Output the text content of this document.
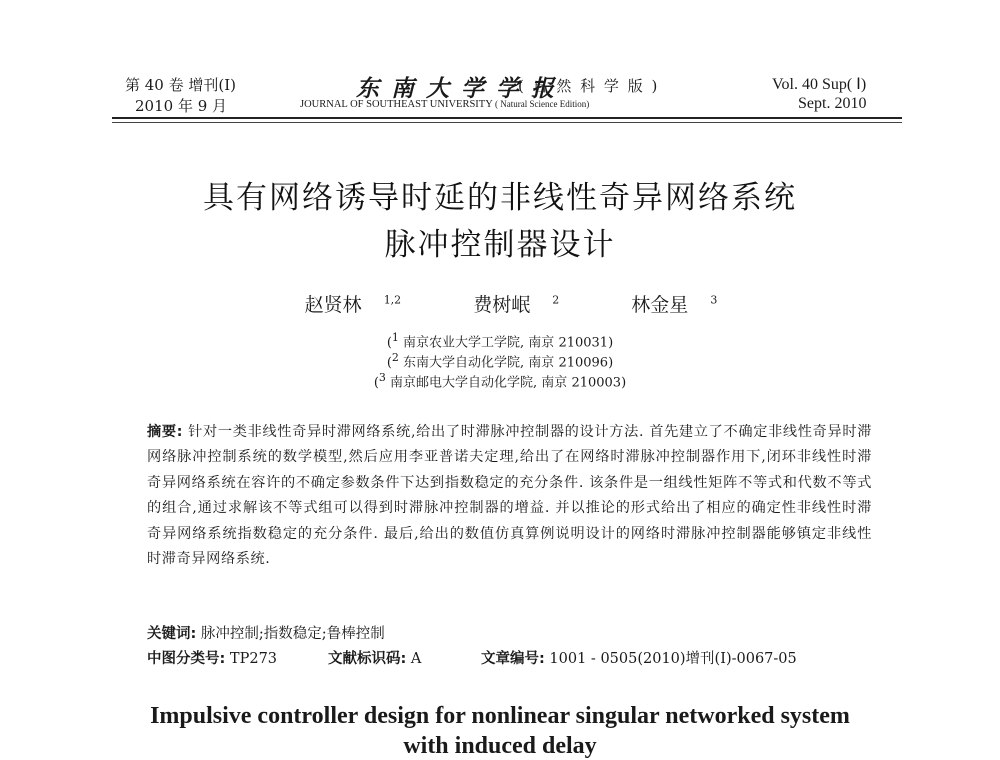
第 40 卷 增刊(Ⅰ)
2010 年 9 月
东 南 大 学 学 报
( 自 然 科 学 版 )
JOURNAL OF SOUTHEAST UNIVERSITY ( Natural Science Edition)
Vol. 40 Sup( Ⅰ)
Sept. 2010
具有网络诱导时延的非线性奇异网络系统
脉冲控制器设计
赵贤林 $^{1,2}$	费树岷 $^2$	林金星 $^3$
($^1$ 南京农业大学工学院, 南京 210031)
($^2$ 东南大学自动化学院, 南京 210096)
($^3$ 南京邮电大学自动化学院, 南京 210003)
摘要: 针对一类非线性奇异时滞网络系统,给出了时滞脉冲控制器的设计方法. 首先建立了不确定非线性奇异时滞网络脉冲控制系统的数学模型,然后应用李亚普诺夫定理,给出了在网络时滞脉冲控制器作用下,闭环非线性时滞奇异网络系统在容许的不确定参数条件下达到指数稳定的充分条件. 该条件是一组线性矩阵不等式和代数不等式的组合,通过求解该不等式组可以得到时滞脉冲控制器的增益. 并以推论的形式给出了相应的确定性非线性时滞奇异网络系统指数稳定的充分条件. 最后,给出的数值仿真算例说明设计的网络时滞脉冲控制器能够镇定非线性时滞奇异网络系统.
关键词: 脉冲控制;指数稳定;鲁棒控制
中图分类号: TP273	文献标识码: A	文章编号: 1001 - 0505(2010)增刊(Ⅰ)-0067-05
Impulsive controller design for nonlinear singular networked system
with induced delay
